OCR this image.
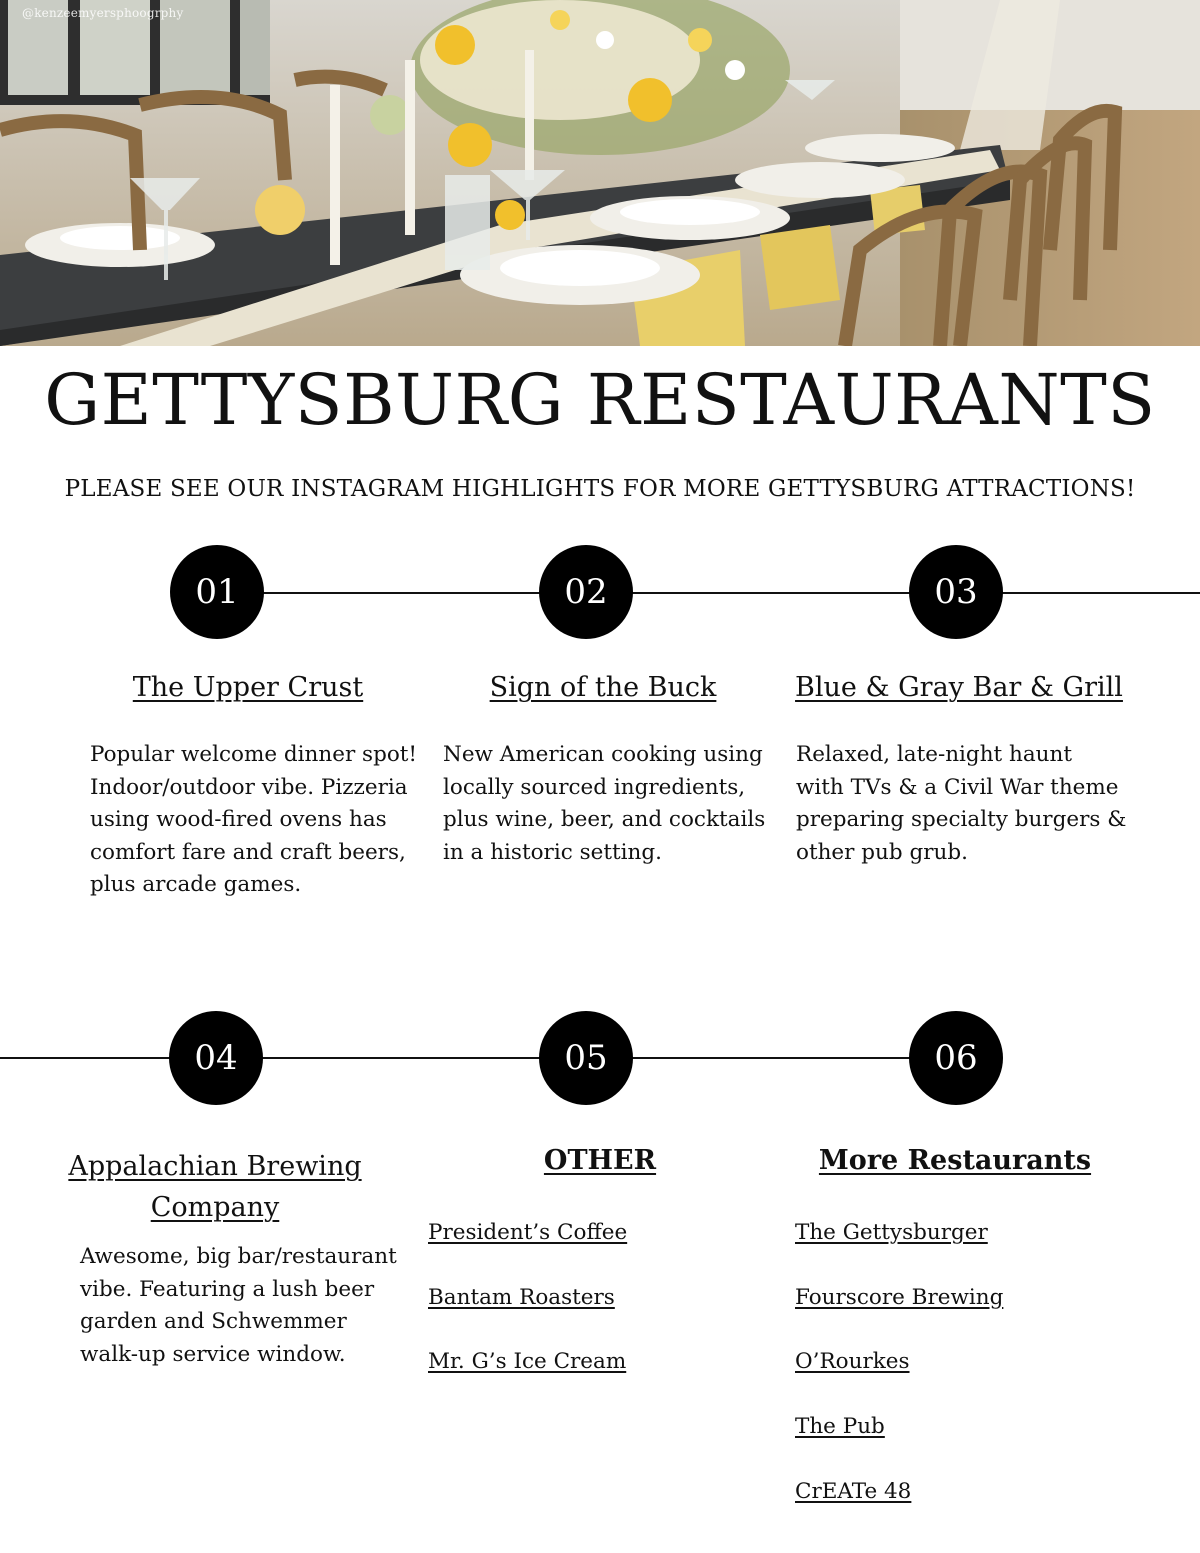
@kenzeemyersphoogrphy
GETTYSBURG RESTAURANTS

PLEASE SEE OUR INSTAGRAM HIGHLIGHTS FOR MORE GETTYSBURG ATTRACTIONS!

01	02	03
The Upper Crust	Sign of the Buck	Blue & Gray Bar & Grill

Popular welcome dinner spot!
Indoor/outdoor vibe. Pizzeria
using wood-fired ovens has
comfort fare and craft beers,
plus arcade games.

New American cooking using
locally sourced ingredients,
plus wine, beer, and cocktails
in a historic setting.

Relaxed, late-night haunt
with TVs & a Civil War theme
preparing specialty burgers &
other pub grub.

04	05	06
Appalachian Brewing Company

Awesome, big bar/restaurant
vibe. Featuring a lush beer
garden and Schwemmer
walk-up service window.

OTHER
President’s Coffee
Bantam Roasters
Mr. G’s Ice Cream
More Restaurants
The Gettysburger
Fourscore Brewing
O’Rourkes
The Pub
CrEATe 48
